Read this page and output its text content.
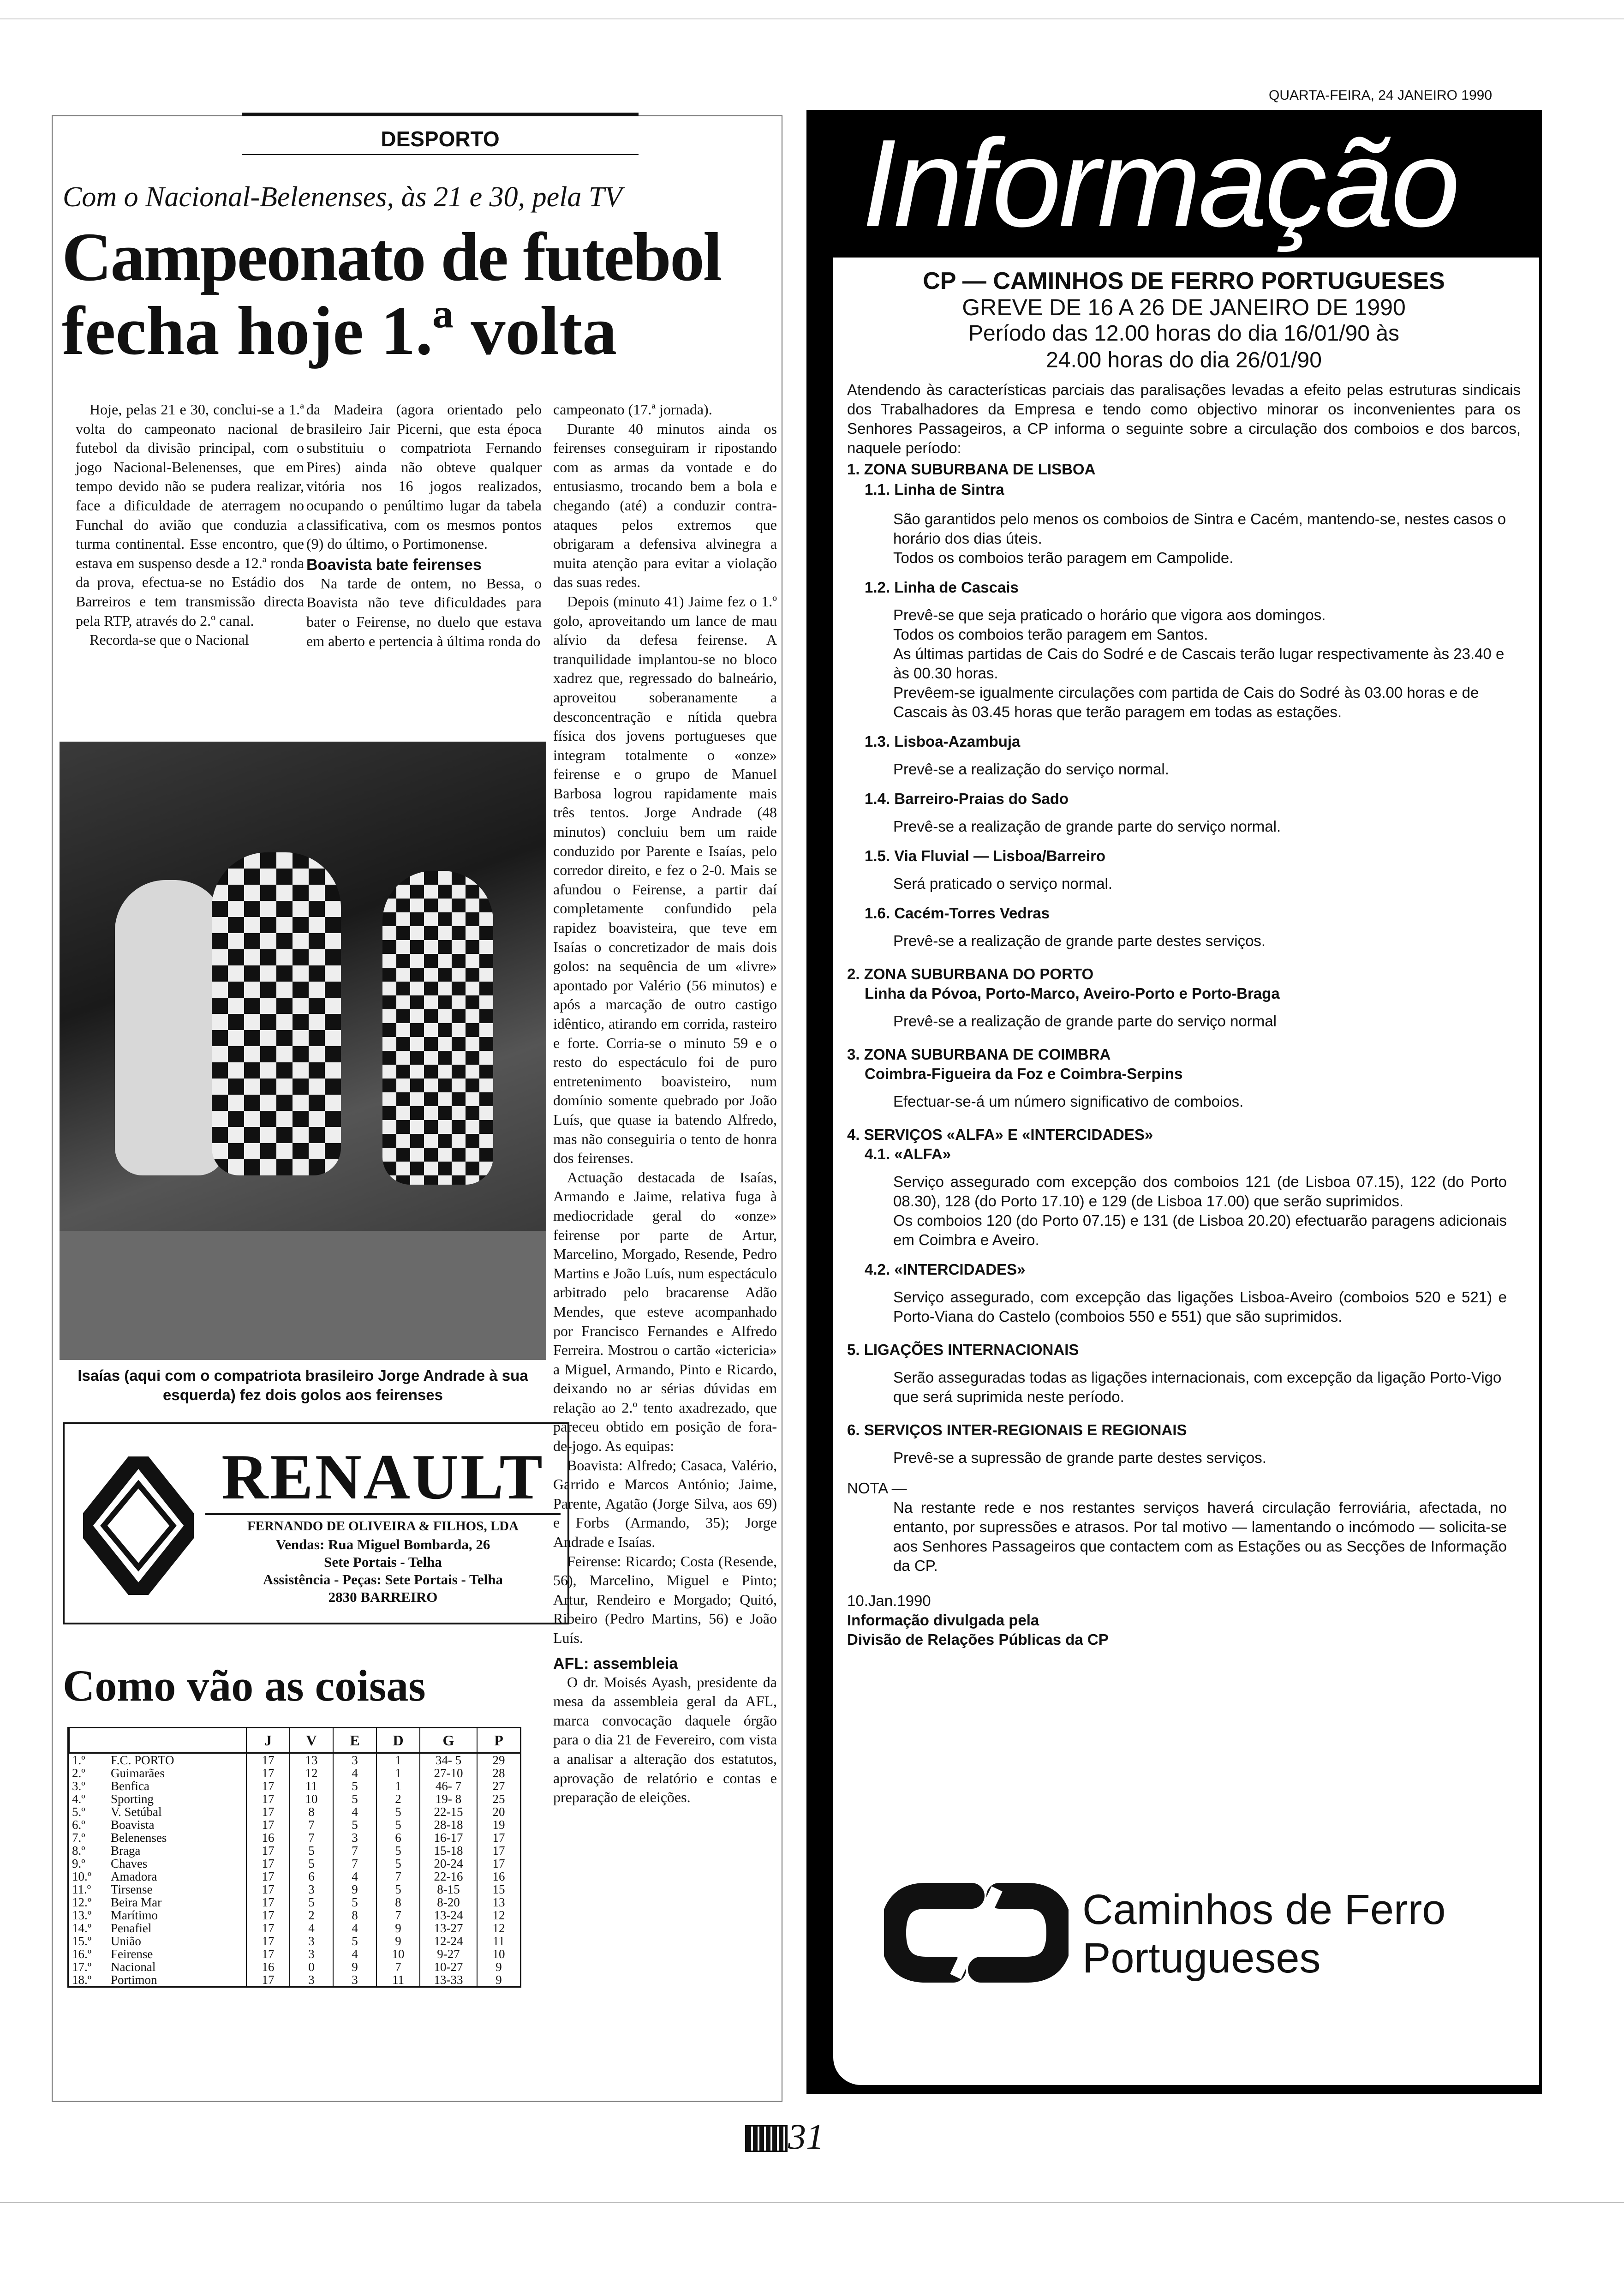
QUARTA-FEIRA, 24 JANEIRO 1990
DESPORTO
Com o Nacional-Belenenses, às 21 e 30, pela TV
Campeonato de futebol
fecha hoje 1.ª volta

Hoje, pelas 21 e 30, conclui-se a 1.ª volta do campeonato nacional de futebol da divisão principal, com o jogo Nacional-Belenenses, que em tempo devido não se pudera realizar, face a dificuldade de aterragem no Funchal do avião que conduzia a turma continental. Esse encontro, que estava em suspenso desde a 12.ª ronda da prova, efectua-se no Estádio dos Barreiros e tem transmissão directa pela RTP, através do 2.º canal.

Recorda-se que o Nacional

da Madeira (agora orientado pelo brasileiro Jair Picerni, que esta época substituiu o compatriota Fernando Pires) ainda não obteve qualquer vitória nos 16 jogos realizados, ocupando o penúltimo lugar da tabela classificativa, com os mesmos pontos (9) do último, o Portimonense.

Boavista bate feirenses

Na tarde de ontem, no Bessa, o Boavista não teve dificuldades para bater o Feirense, no duelo que estava em aberto e pertencia à última ronda do

Isaías (aqui com o compatriota brasileiro Jorge Andrade à sua esquerda) fez dois golos aos feirenses
RENAULT
FERNANDO DE OLIVEIRA & FILHOS, LDA
Vendas: Rua Miguel Bombarda, 26
Sete Portais - Telha
Assistência - Peças: Sete Portais - Telha
2830 BARREIRO
Como vão as coisas
		J	V	E	D	G	P
1.º	F.C. PORTO	17	13	3	1	34- 5	29
2.º	Guimarães	17	12	4	1	27-10	28
3.º	Benfica	17	11	5	1	46- 7	27
4.º	Sporting	17	10	5	2	19- 8	25
5.º	V. Setúbal	17	8	4	5	22-15	20
6.º	Boavista	17	7	5	5	28-18	19
7.º	Belenenses	16	7	3	6	16-17	17
8.º	Braga	17	5	7	5	15-18	17
9.º	Chaves	17	5	7	5	20-24	17
10.º	Amadora	17	6	4	7	22-16	16
11.º	Tirsense	17	3	9	5	8-15	15
12.º	Beira Mar	17	5	5	8	8-20	13
13.º	Marítimo	17	2	8	7	13-24	12
14.º	Penafiel	17	4	4	9	13-27	12
15.º	União	17	3	5	9	12-24	11
16.º	Feirense	17	3	4	10	9-27	10
17.º	Nacional	16	0	9	7	10-27	9
18.º	Portimon	17	3	3	11	13-33	9

campeonato (17.ª jornada).

Durante 40 minutos ainda os feirenses conseguiram ir ripostando com as armas da vontade e do entusiasmo, trocando bem a bola e chegando (até) a conduzir contra-ataques pelos extremos que obrigaram a defensiva alvinegra a muita atenção para evitar a violação das suas redes.

Depois (minuto 41) Jaime fez o 1.º golo, aproveitando um lance de mau alívio da defesa feirense. A tranquilidade implantou-se no bloco xadrez que, regressado do balneário, aproveitou soberanamente a desconcentração e nítida quebra física dos jovens portugueses que integram totalmente o «onze» feirense e o grupo de Manuel Barbosa logrou rapidamente mais três tentos. Jorge Andrade (48 minutos) concluiu bem um raide conduzido por Parente e Isaías, pelo corredor direito, e fez o 2-0. Mais se afundou o Feirense, a partir daí completamente confundido pela rapidez boavisteira, que teve em Isaías o concretizador de mais dois golos: na sequência de um «livre» apontado por Valério (56 minutos) e após a marcação de outro castigo idêntico, atirando em corrida, rasteiro e forte. Corria-se o minuto 59 e o resto do espectáculo foi de puro entretenimento boavisteiro, num domínio somente quebrado por João Luís, que quase ia batendo Alfredo, mas não conseguiria o tento de honra dos feirenses.

Actuação destacada de Isaías, Armando e Jaime, relativa fuga à mediocridade geral do «onze» feirense por parte de Artur, Marcelino, Morgado, Resende, Pedro Martins e João Luís, num espectáculo arbitrado pelo bracarense Adão Mendes, que esteve acompanhado por Francisco Fernandes e Alfredo Ferreira. Mostrou o cartão «ictericia» a Miguel, Armando, Pinto e Ricardo, deixando no ar sérias dúvidas em relação ao 2.º tento axadrezado, que pareceu obtido em posição de fora-de-jogo. As equipas:

Boavista: Alfredo; Casaca, Valério, Garrido e Marcos António; Jaime, Parente, Agatão (Jorge Silva, aos 69) e Forbs (Armando, 35); Jorge Andrade e Isaías.

Feirense: Ricardo; Costa (Resende, 56), Marcelino, Miguel e Pinto; Artur, Rendeiro e Morgado; Quitó, Ribeiro (Pedro Martins, 56) e João Luís.

AFL: assembleia

O dr. Moisés Ayash, presidente da mesa da assembleia geral da AFL, marca convocação daquele órgão para o dia 21 de Fevereiro, com vista a analisar a alteração dos estatutos, aprovação de relatório e contas e preparação de eleições.

Informação

CP — CAMINHOS DE FERRO PORTUGUESES

GREVE DE 16 A 26 DE JANEIRO DE 1990

Período das 12.00 horas do dia 16/01/90 às

24.00 horas do dia 26/01/90

Atendendo às características parciais das paralisações levadas a efeito pelas estruturas sindicais dos Trabalhadores da Empresa e tendo como objectivo minorar os inconvenientes para os Senhores Passageiros, a CP informa o seguinte sobre a circulação dos comboios e dos barcos, naquele período:

1. ZONA SUBURBANA DE LISBOA

1.1. Linha de Sintra

São garantidos pelo menos os comboios de Sintra e Cacém, mantendo-se, nestes casos o horário dos dias úteis.

Todos os comboios terão paragem em Campolide.

1.2. Linha de Cascais

Prevê-se que seja praticado o horário que vigora aos domingos.

Todos os comboios terão paragem em Santos.

As últimas partidas de Cais do Sodré e de Cascais terão lugar respectivamente às 23.40 e às 00.30 horas.

Prevêem-se igualmente circulações com partida de Cais do Sodré às 03.00 horas e de Cascais às 03.45 horas que terão paragem em todas as estações.

1.3. Lisboa-Azambuja

Prevê-se a realização do serviço normal.

1.4. Barreiro-Praias do Sado

Prevê-se a realização de grande parte do serviço normal.

1.5. Via Fluvial — Lisboa/Barreiro

Será praticado o serviço normal.

1.6. Cacém-Torres Vedras

Prevê-se a realização de grande parte destes serviços.

2. ZONA SUBURBANA DO PORTO

Linha da Póvoa, Porto-Marco, Aveiro-Porto e Porto-Braga

Prevê-se a realização de grande parte do serviço normal

3. ZONA SUBURBANA DE COIMBRA

Coimbra-Figueira da Foz e Coimbra-Serpins

Efectuar-se-á um número significativo de comboios.

4. SERVIÇOS «ALFA» E «INTERCIDADES»

4.1. «ALFA»

Serviço assegurado com excepção dos comboios 121 (de Lisboa 07.15), 122 (do Porto 08.30), 128 (do Porto 17.10) e 129 (de Lisboa 17.00) que serão suprimidos.

Os comboios 120 (do Porto 07.15) e 131 (de Lisboa 20.20) efectuarão paragens adicionais em Coimbra e Aveiro.

4.2. «INTERCIDADES»

Serviço assegurado, com excepção das ligações Lisboa-Aveiro (comboios 520 e 521) e Porto-Viana do Castelo (comboios 550 e 551) que são suprimidos.

5. LIGAÇÕES INTERNACIONAIS

Serão asseguradas todas as ligações internacionais, com excepção da ligação Porto-Vigo que será suprimida neste período.

6. SERVIÇOS INTER-REGIONAIS E REGIONAIS

Prevê-se a supressão de grande parte destes serviços.

NOTA —

Na restante rede e nos restantes serviços haverá circulação ferroviária, afectada, no entanto, por supressões e atrasos. Por tal motivo — lamentando o incómodo — solicita-se aos Senhores Passageiros que contactem com as Estações ou as Secções de Informação da CP.

10.Jan.1990

Informação divulgada pela

Divisão de Relações Públicas da CP

Caminhos de Ferro
Portugueses
31
